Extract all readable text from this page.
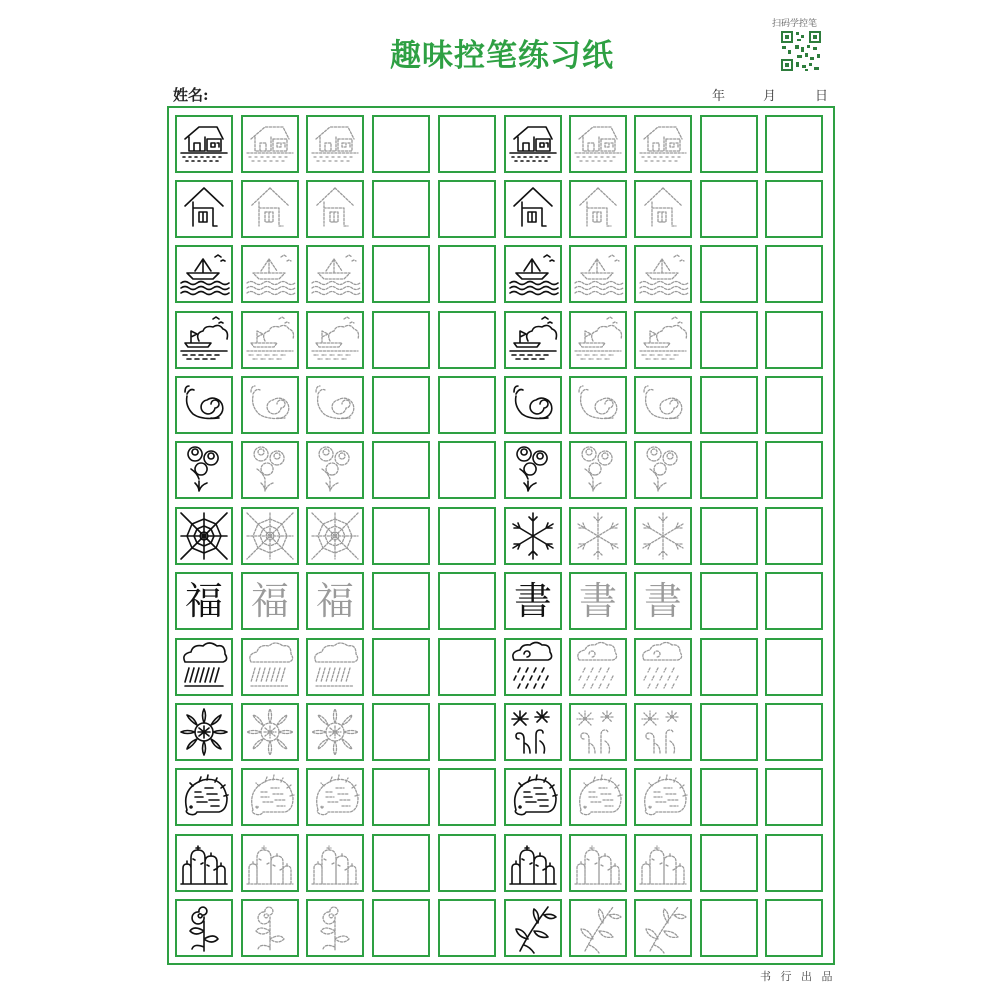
趣味控笔练习纸
扫码学控笔
姓名:	年	月	日
福 福 福	書 書 書
书 行 出 品
